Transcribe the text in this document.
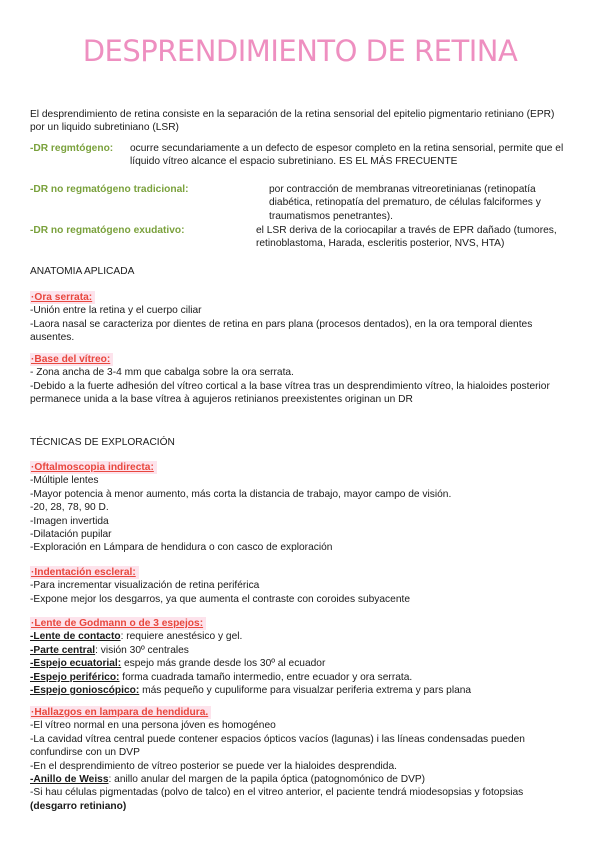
DESPRENDIMIENTO DE RETINA

El desprendimiento de retina consiste en la separación de la retina sensorial del epitelio pigmentario retiniano (EPR) por un liquido subretiniano (LSR)

-DR regmtógeno: ocurre secundariamente a un defecto de espesor completo en la retina sensorial, permite que el líquido vítreo alcance el espacio subretiniano. ES EL MÁS FRECUENTE
-DR no regmatógeno tradicional:	por contracción de membranas vitreoretinianas (retinopatía diabética, retinopatía del prematuro, de células falciformes y traumatismos penetrantes).
-DR no regmatógeno exudativo:	el LSR deriva de la coriocapilar a través de EPR dañado (tumores, retinoblastoma, Harada, escleritis posterior, NVS, HTA)
ANATOMIA APLICADA
·Ora serrata:
-Unión entre la retina y el cuerpo ciliar
-Laora nasal se caracteriza por dientes de retina en pars plana (procesos dentados), en la ora temporal dientes ausentes.
·Base del vítreo:
- Zona ancha de 3-4 mm que cabalga sobre la ora serrata.
-Debido a la fuerte adhesión del vítreo cortical a la base vítrea tras un desprendimiento vítreo, la hialoides posterior permanece unida a la base vítrea à agujeros retinianos preexistentes originan un DR
TÉCNICAS DE EXPLORACIÓN
·Oftalmoscopia indirecta:
-Múltiple lentes
-Mayor potencia à menor aumento, más corta la distancia de trabajo, mayor campo de visión.
-20, 28, 78, 90 D.
-Imagen invertida
-Dilatación pupilar
-Exploración en Lámpara de hendidura o con casco de exploración
·Indentación escleral:
-Para incrementar visualización de retina periférica
-Expone mejor los desgarros, ya que aumenta el contraste con coroides subyacente
·Lente de Godmann o de 3 espejos:
-Lente de contacto: requiere anestésico y gel.
-Parte central: visión 30º centrales
-Espejo ecuatorial: espejo más grande desde los 30º al ecuador
-Espejo periférico: forma cuadrada tamaño intermedio, entre ecuador y ora serrata.
-Espejo gonioscópico: más pequeño y cupuliforme para visualzar periferia extrema y pars plana
·Hallazgos en lampara de hendidura.
-El vítreo normal en una persona jóven es homogéneo
-La cavidad vítrea central puede contener espacios ópticos vacíos (lagunas) i las líneas condensadas pueden confundirse con un DVP
-En el desprendimiento de vítreo posterior se puede ver la hialoides desprendida.
-Anillo de Weiss: anillo anular del margen de la papila óptica (patognomónico de DVP)
-Si hau células pigmentadas (polvo de talco) en el vitreo anterior, el paciente tendrá miodesopsias y fotopsias (desgarro retiniano)
